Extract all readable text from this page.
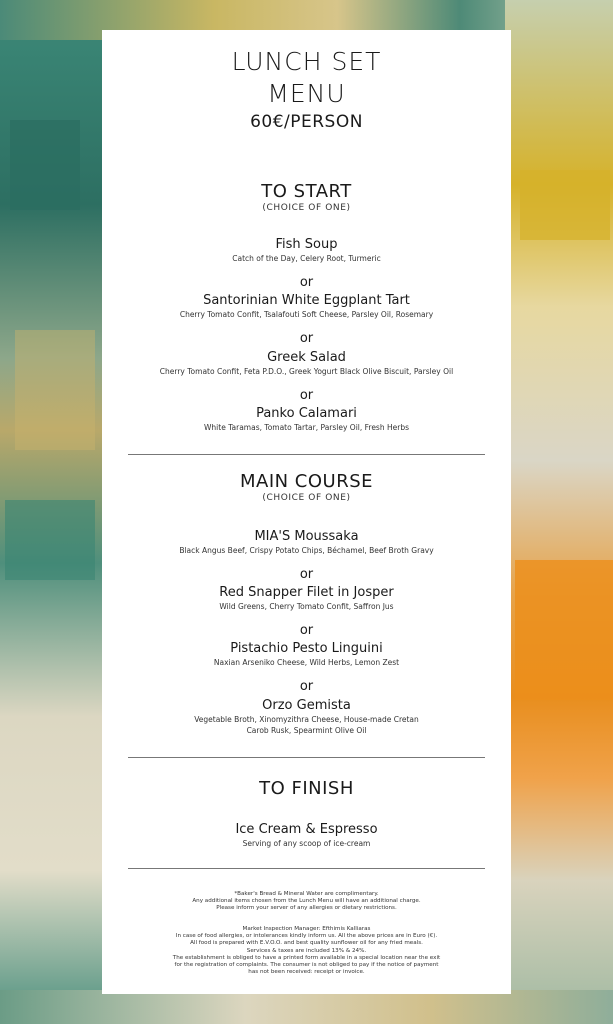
LUNCH SET
MENU
60€/PERSON
TO START
(CHOICE OF ONE)
Fish Soup
Catch of the Day, Celery Root, Turmeric
or
Santorinian White Eggplant Tart
Cherry Tomato Confit, Tsalafouti Soft Cheese, Parsley Oil, Rosemary
or
Greek Salad
Cherry Tomato Confit, Feta P.D.O., Greek Yogurt Black Olive Biscuit, Parsley Oil
or
Panko Calamari
White Taramas, Tomato Tartar, Parsley Oil, Fresh Herbs
MAIN COURSE
(CHOICE OF ONE)
MIA'S Moussaka
Black Angus Beef, Crispy Potato Chips, Béchamel, Beef Broth Gravy
or
Red Snapper Filet in Josper
Wild Greens, Cherry Tomato Confit, Saffron Jus
or
Pistachio Pesto Linguini
Naxian Arseniko Cheese, Wild Herbs, Lemon Zest
or
Orzo Gemista
Vegetable Broth, Xinomyzithra Cheese, House-made Cretan
Carob Rusk, Spearmint Olive Oil
TO FINISH
Ice Cream & Espresso
Serving of any scoop of ice-cream
*Baker's Bread & Mineral Water are complimentary.
Any additional items chosen from the Lunch Menu will have an additional charge.
Please inform your server of any allergies or dietary restrictions.
Market Inspection Manager: Efthimis Kalliaras
In case of food allergies, or intolerances kindly inform us. All the above prices are in Euro (€).
All food is prepared with E.V.O.O. and best quality sunflower oil for any fried meals.
Services & taxes are included 13% & 24%.
The establishment is obliged to have a printed form available in a special location near the exit
for the registration of complaints. The consumer is not obliged to pay if the notice of payment
has not been received: receipt or invoice.
